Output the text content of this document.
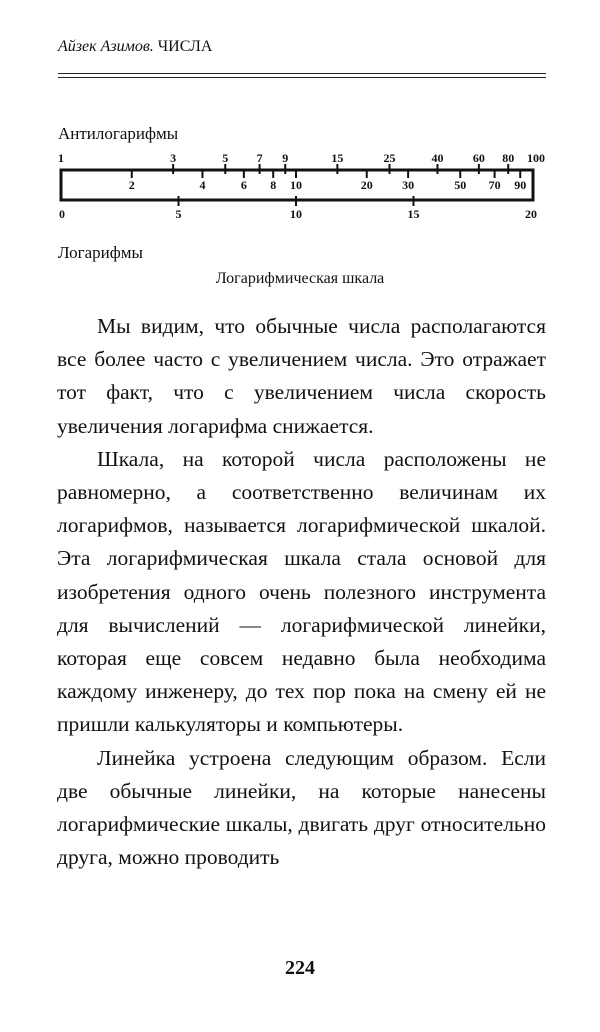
Айзек Азимов. ЧИСЛА
Антилогарифмы
1
2
3
4
5
6
7
8
9
10
15
20
25
30
40
50
60
70
80
90
100
0	5	10	15	20
Логарифмы
Логарифмическая шкала

Мы видим, что обычные числа располагаются все более часто с увеличением числа. Это отражает тот факт, что с увеличением числа скорость увеличения логарифма снижается.

Шкала, на которой числа расположены не равномерно, а соответственно величинам их логарифмов, называется логарифмической шкалой. Эта логарифмическая шкала стала основой для изобретения одного очень полезного инструмента для вычислений — логарифмической линейки, которая еще совсем недавно была необходима каждому инженеру, до тех пор пока на смену ей не пришли калькуляторы и компьютеры.

Линейка устроена следующим образом. Если две обычные линейки, на которые нанесены логарифмические шкалы, двигать друг относительно друга, можно проводить

224
